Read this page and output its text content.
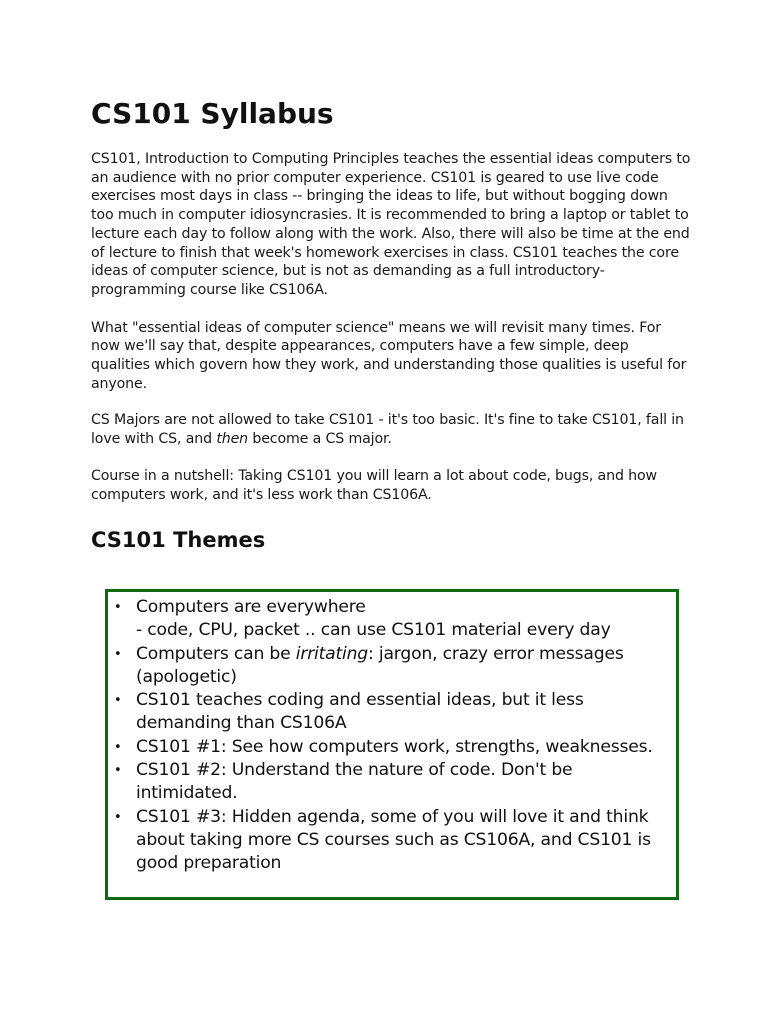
CS101 Syllabus

CS101, Introduction to Computing Principles teaches the essential ideas computers to an audience with no prior computer experience. CS101 is geared to use live code exercises most days in class -- bringing the ideas to life, but without bogging down too much in computer idiosyncrasies. It is recommended to bring a laptop or tablet to lecture each day to follow along with the work. Also, there will also be time at the end of lecture to finish that week's homework exercises in class. CS101 teaches the core ideas of computer science, but is not as demanding as a full introductory-programming course like CS106A.

What "essential ideas of computer science" means we will revisit many times. For now we'll say that, despite appearances, computers have a few simple, deep qualities which govern how they work, and understanding those qualities is useful for anyone.

CS Majors are not allowed to take CS101 - it's too basic. It's fine to take CS101, fall in love with CS, and then become a CS major.

Course in a nutshell: Taking CS101 you will learn a lot about code, bugs, and how computers work, and it's less work than CS106A.

CS101 Themes
• Computers are everywhere
- code, CPU, packet .. can use CS101 material every day
• Computers can be irritating: jargon, crazy error messages (apologetic)
• CS101 teaches coding and essential ideas, but it less demanding than CS106A
• CS101 #1: See how computers work, strengths, weaknesses.
• CS101 #2: Understand the nature of code. Don't be intimidated.
• CS101 #3: Hidden agenda, some of you will love it and think about taking more CS courses such as CS106A, and CS101 is good preparation
